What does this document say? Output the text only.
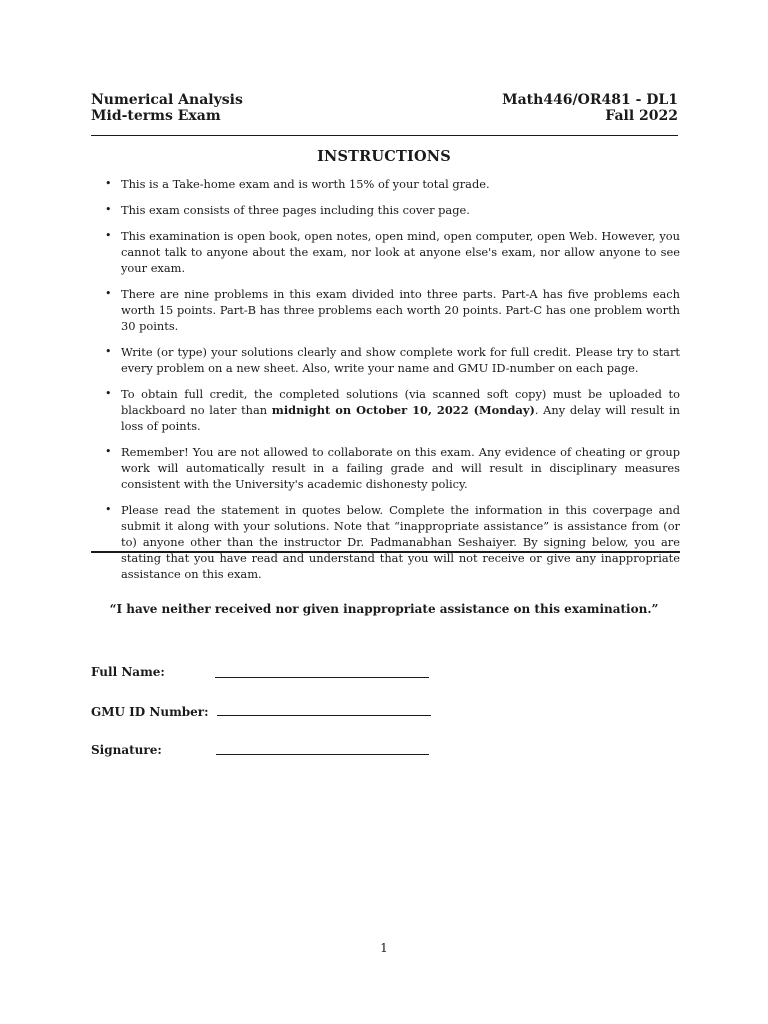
Numerical Analysis	Math446/OR481 - DL1
Mid-terms Exam	Fall 2022
INSTRUCTIONS
• This is a Take-home exam and is worth 15% of your total grade.

• This exam consists of three pages including this cover page.

• This examination is open book, open notes, open mind, open computer, open Web. However, you cannot talk to anyone about the exam, nor look at anyone else's exam, nor allow anyone to see your exam.

• There are nine problems in this exam divided into three parts. Part-A has five problems each worth 15 points. Part-B has three problems each worth 20 points. Part-C has one problem worth 30 points.

• Write (or type) your solutions clearly and show complete work for full credit. Please try to start every problem on a new sheet. Also, write your name and GMU ID-number on each page.

• To obtain full credit, the completed solutions (via scanned soft copy) must be uploaded to blackboard no later than midnight on October 10, 2022 (Monday). Any delay will result in loss of points.

• Remember! You are not allowed to collaborate on this exam. Any evidence of cheating or group work will automatically result in a failing grade and will result in disciplinary measures consistent with the University's academic dishonesty policy.

• Please read the statement in quotes below. Complete the information in this coverpage and submit it along with your solutions. Note that “inappropriate assistance” is assistance from (or to) anyone other than the instructor Dr. Padmanabhan Seshaiyer. By signing below, you are stating that you have read and understand that you will not receive or give any inappropriate assistance on this exam.

“I have neither received nor given inappropriate assistance on this examination.”
Full Name:
GMU ID Number:
Signature:
1
